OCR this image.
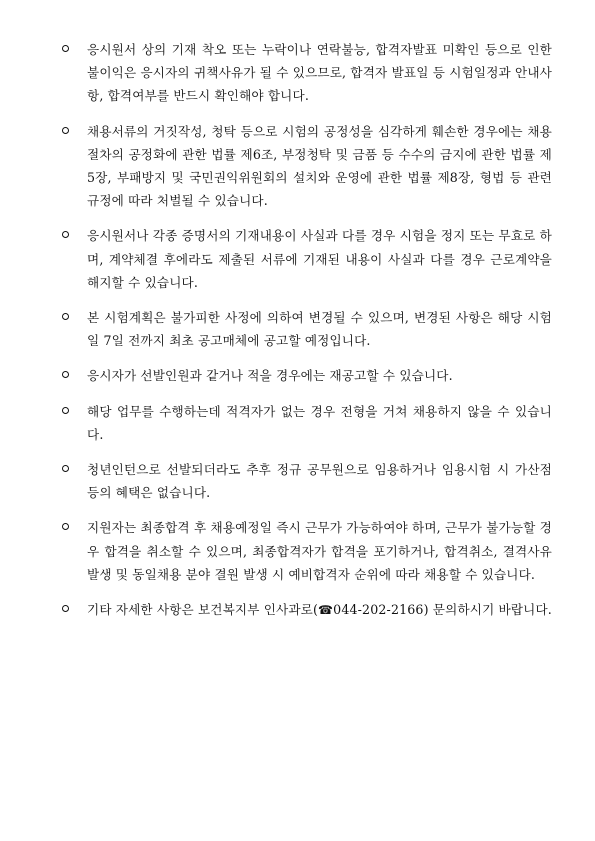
응시원서 상의 기재 착오 또는 누락이나 연락불능, 합격자발표 미확인 등으로 인한 불이익은 응시자의 귀책사유가 될 수 있으므로, 합격자 발표일 등 시험일정과 안내사항, 합격여부를 반드시 확인해야 합니다.
채용서류의 거짓작성, 청탁 등으로 시험의 공정성을 심각하게 훼손한 경우에는 채용절차의 공정화에 관한 법률 제6조, 부정청탁 및 금품 등 수수의 금지에 관한 법률 제5장, 부패방지 및 국민권익위원회의 설치와 운영에 관한 법률 제8장, 형법 등 관련 규정에 따라 처벌될 수 있습니다.
응시원서나 각종 증명서의 기재내용이 사실과 다를 경우 시험을 정지 또는 무효로 하며, 계약체결 후에라도 제출된 서류에 기재된 내용이 사실과 다를 경우 근로계약을 해지할 수 있습니다.
본 시험계획은 불가피한 사정에 의하여 변경될 수 있으며, 변경된 사항은 해당 시험일 7일 전까지 최초 공고매체에 공고할 예정입니다.
응시자가 선발인원과 같거나 적을 경우에는 재공고할 수 있습니다.
해당 업무를 수행하는데 적격자가 없는 경우 전형을 거쳐 채용하지 않을 수 있습니다.
청년인턴으로 선발되더라도 추후 정규 공무원으로 임용하거나 임용시험 시 가산점 등의 혜택은 없습니다.
지원자는 최종합격 후 채용예정일 즉시 근무가 가능하여야 하며, 근무가 불가능할 경우 합격을 취소할 수 있으며, 최종합격자가 합격을 포기하거나, 합격취소, 결격사유 발생 및 동일채용 분야 결원 발생 시 예비합격자 순위에 따라 채용할 수 있습니다.
기타 자세한 사항은 보건복지부 인사과로(☎044-202-2166) 문의하시기 바랍니다.
